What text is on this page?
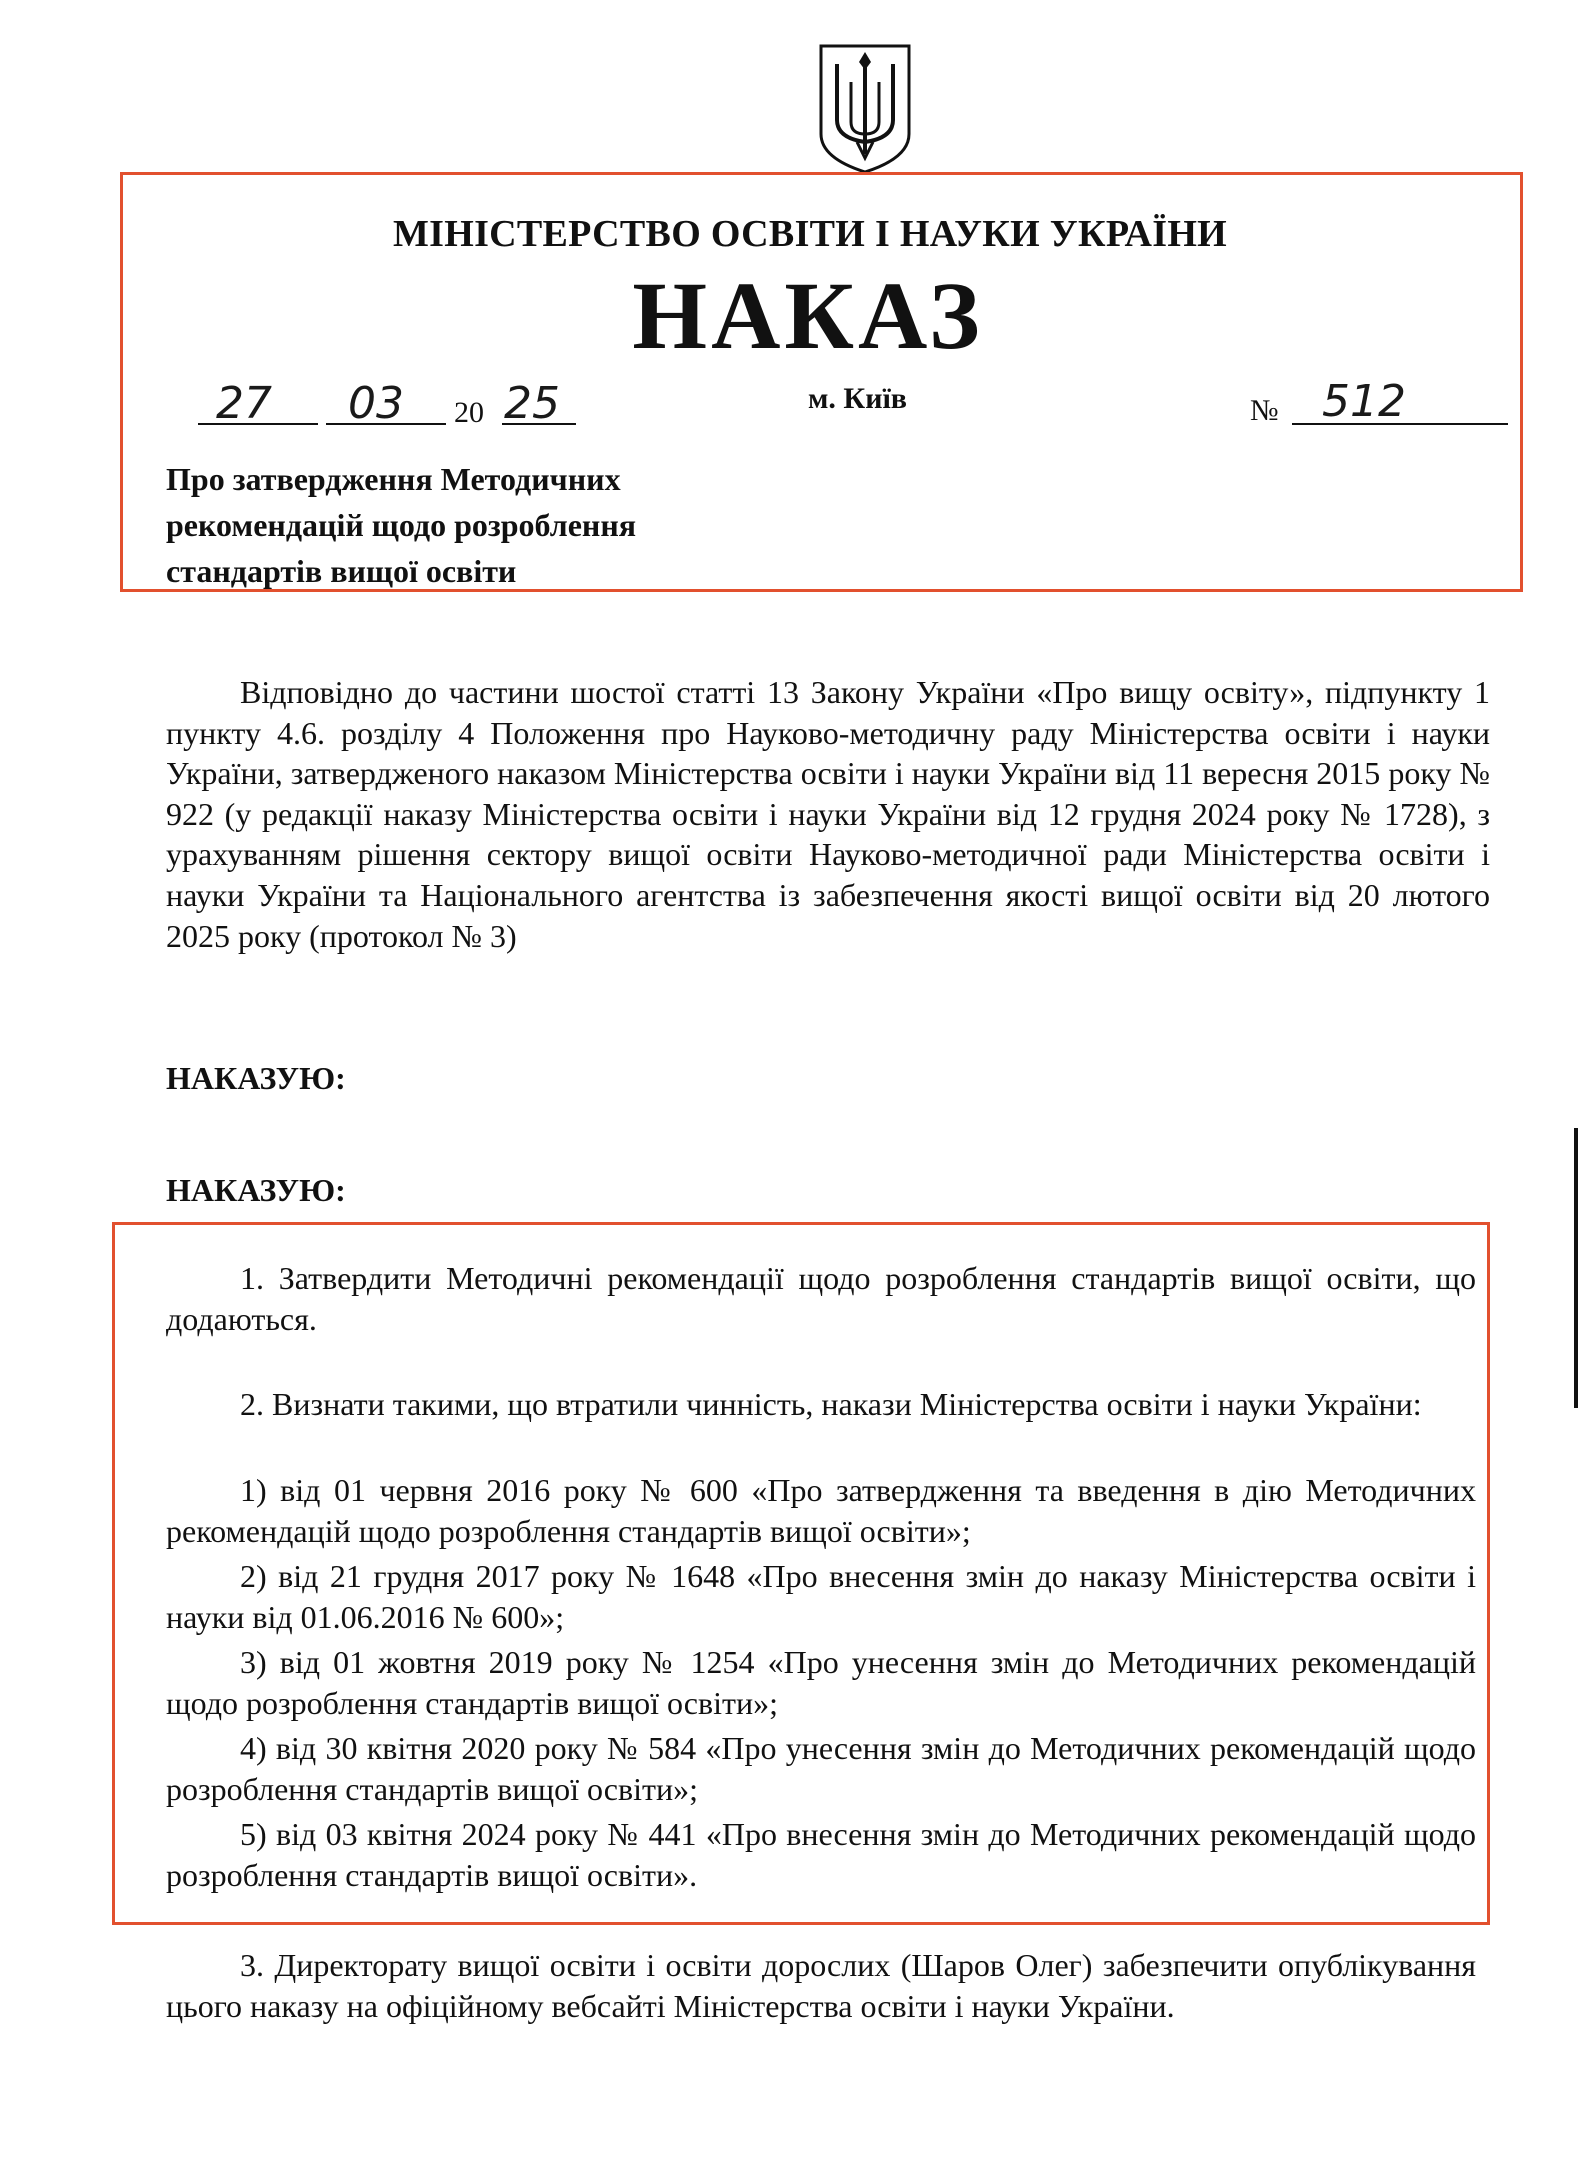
МІНІСТЕРСТВО ОСВІТИ І НАУКИ УКРАЇНИ
НАКАЗ
27 03 20 25	м. Київ	№ 512
Про затвердження Методичних
рекомендацій щодо розроблення
стандартів вищої освіти
Відповідно до частини шостої статті 13 Закону України «Про вищу освіту», підпункту 1 пункту 4.6. розділу 4 Положення про Науково-методичну раду Міністерства освіти і науки України, затвердженого наказом Міністерства освіти і науки України від 11 вересня 2015 року № 922 (у редакції наказу Міністерства освіти і науки України від 12 грудня 2024 року № 1728), з урахуванням рішення сектору вищої освіти Науково-методичної ради Міністерства освіти і науки України та Національного агентства із забезпечення якості вищої освіти від 20 лютого 2025 року (протокол № 3)
НАКАЗУЮ:
НАКАЗУЮ:
1. Затвердити Методичні рекомендації щодо розроблення стандартів вищої освіти, що додаються.
2. Визнати такими, що втратили чинність, накази Міністерства освіти і науки України:
1) від 01 червня 2016 року № 600 «Про затвердження та введення в дію Методичних рекомендацій щодо розроблення стандартів вищої освіти»;
2) від 21 грудня 2017 року № 1648 «Про внесення змін до наказу Міністерства освіти і науки від 01.06.2016 № 600»;
3) від 01 жовтня 2019 року № 1254 «Про унесення змін до Методичних рекомендацій щодо розроблення стандартів вищої освіти»;
4) від 30 квітня 2020 року № 584 «Про унесення змін до Методичних рекомендацій щодо розроблення стандартів вищої освіти»;
5) від 03 квітня 2024 року № 441 «Про внесення змін до Методичних рекомендацій щодо розроблення стандартів вищої освіти».
3. Директорату вищої освіти і освіти дорослих (Шаров Олег) забезпечити опублікування цього наказу на офіційному вебсайті Міністерства освіти і науки України.
